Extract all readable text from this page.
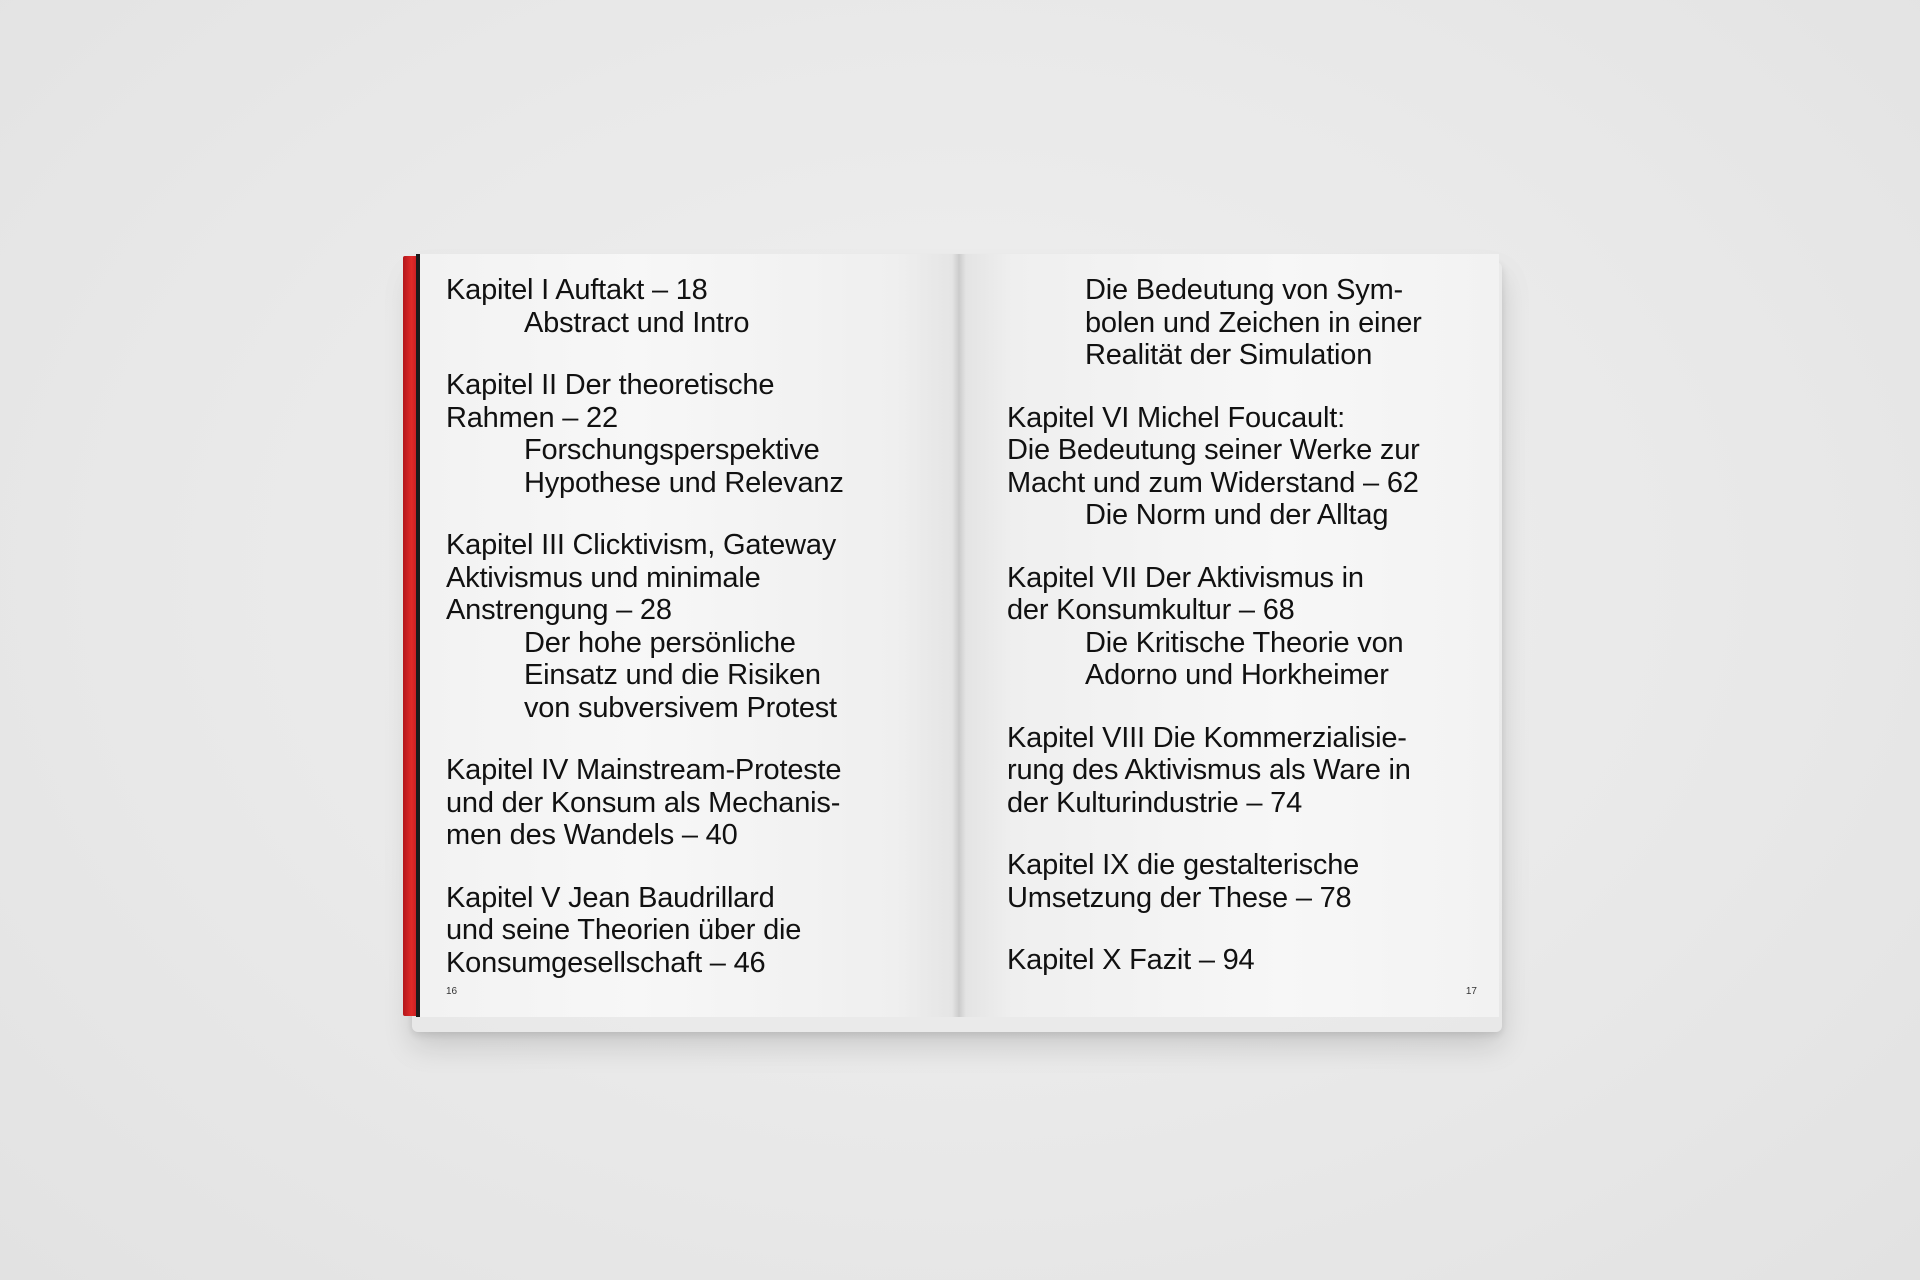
Kapitel I Auftakt – 18
Abstract und Intro
Kapitel II Der theoretische
Rahmen – 22
Forschungsperspektive
Hypothese und Relevanz
Kapitel III Clicktivism, Gateway
Aktivismus und minimale
Anstrengung – 28
Der hohe persönliche
Einsatz und die Risiken
von subversivem Protest
Kapitel IV Mainstream-Proteste
und der Konsum als Mechanis-
men des Wandels – 40
Kapitel V Jean Baudrillard
und seine Theorien über die
Konsumgesellschaft – 46
16
Die Bedeutung von Sym-
bolen und Zeichen in einer
Realität der Simulation
Kapitel VI Michel Foucault:
Die Bedeutung seiner Werke zur
Macht und zum Widerstand – 62
Die Norm und der Alltag
Kapitel VII Der Aktivismus in
der Konsumkultur – 68
Die Kritische Theorie von
Adorno und Horkheimer
Kapitel VIII Die Kommerzialisie-
rung des Aktivismus als Ware in
der Kulturindustrie – 74
Kapitel IX die gestalterische
Umsetzung der These – 78
Kapitel X Fazit – 94
17
